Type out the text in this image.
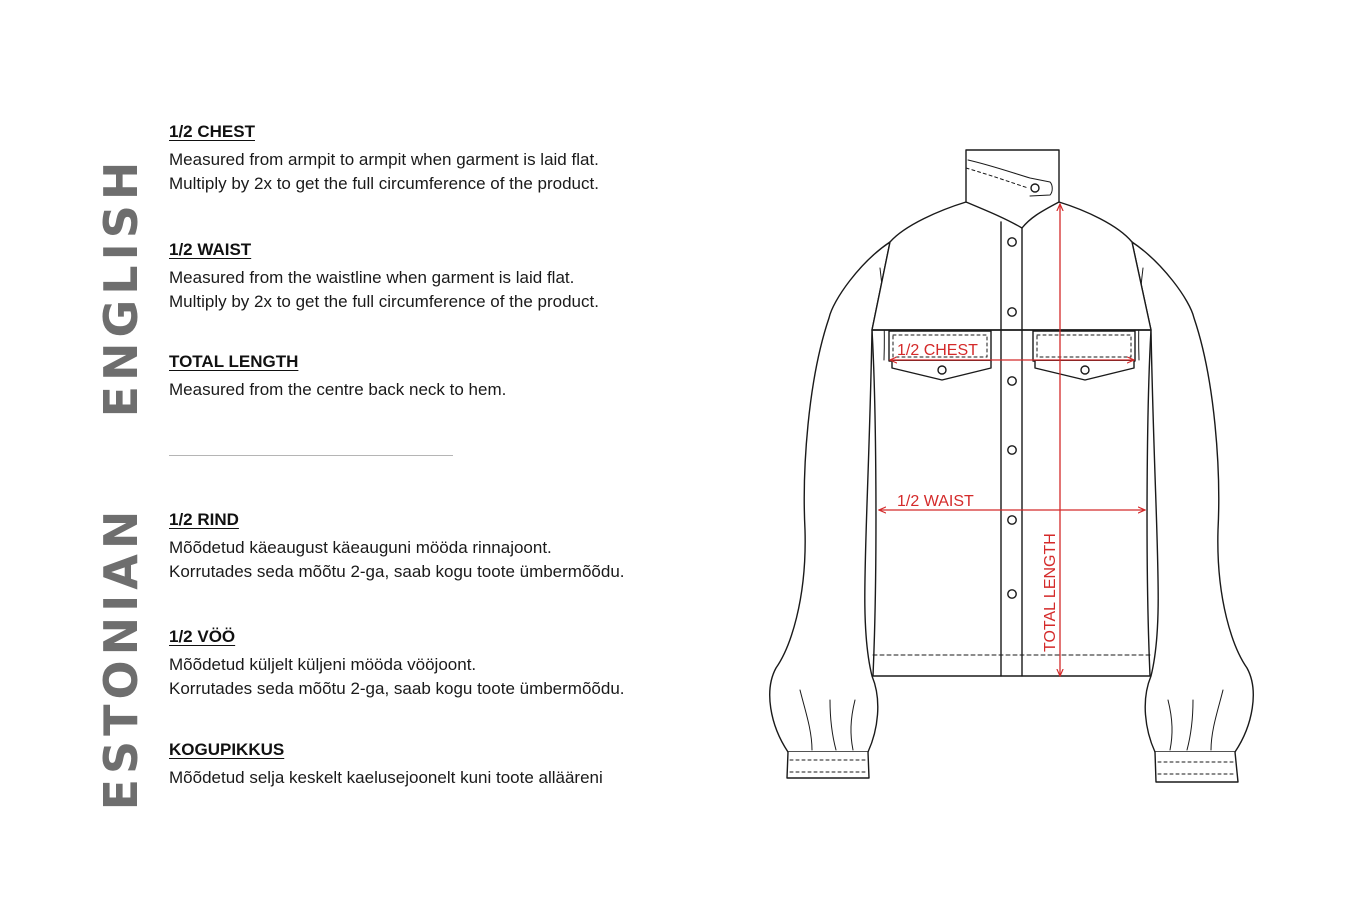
ENGLISH
ESTONIAN

1/2 CHEST

Measured from armpit to armpit when garment is laid flat.

Multiply by 2x to get the full circumference of the product.

1/2 WAIST

Measured from the waistline when garment is laid flat.

Multiply by 2x to get the full circumference of the product.

TOTAL LENGTH

Measured from the centre back neck to hem.

1/2 RIND

Mõõdetud käeaugust käeauguni mööda rinnajoont.

Korrutades seda mõõtu 2-ga, saab kogu toote ümbermõõdu.

1/2 VÖÖ

Mõõdetud küljelt küljeni mööda vööjoont.

Korrutades seda mõõtu 2-ga, saab kogu toote ümbermõõdu.

KOGUPIKKUS

Mõõdetud selja keskelt kaelusejoonelt kuni toote allääreni

1/2 CHEST
1/2 WAIST
TOTAL LENGTH
